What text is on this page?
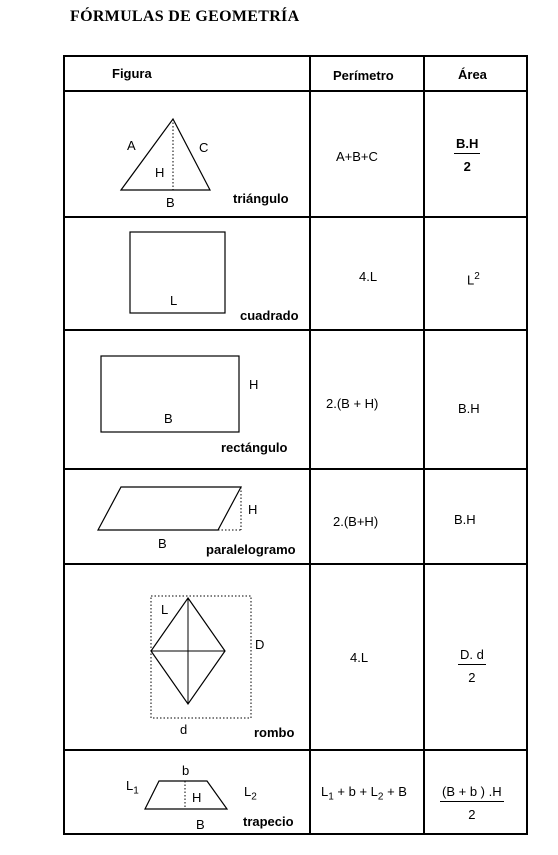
FÓRMULAS DE GEOMETRÍA
Figura	Perímetro	Área
A	C
H
B	triángulo
A+B+C	$\frac{B.H}{2}$
L
cuadrado
4.L	$L^2$
H
B
rectángulo
2.(B + H)	B.H
H
B	paralelogramo
2.(B+H)	B.H
L
D
d	rombo
4.L	$\frac{D. d}{2}$
b
H
B
$L_1$	$L_2$
trapecio
$L_1 + b + L_2 + B$	$\frac{(B + b ) .H}{2}$
